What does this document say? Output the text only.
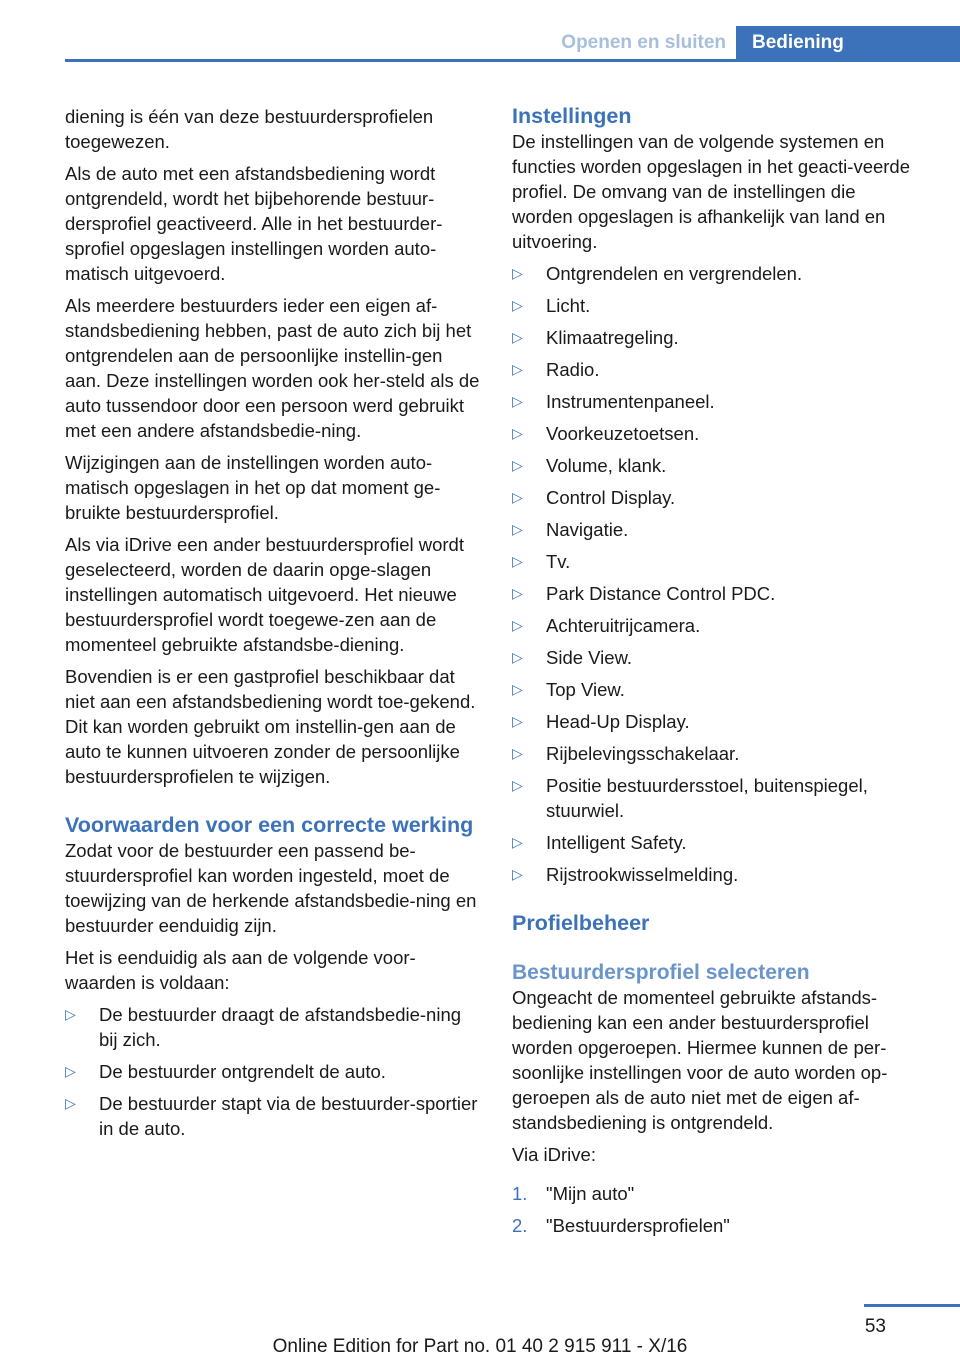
Openen en sluiten	Bediening

diening is één van deze bestuurdersprofielen toegewezen.

Als de auto met een afstandsbediening wordt ontgrendeld, wordt het bijbehorende bestuur‐dersprofiel geactiveerd. Alle in het bestuurder‐sprofiel opgeslagen instellingen worden auto‐matisch uitgevoerd.

Als meerdere bestuurders ieder een eigen af‐standsbediening hebben, past de auto zich bij het ontgrendelen aan de persoonlijke instellin‐gen aan. Deze instellingen worden ook her‐steld als de auto tussendoor door een persoon werd gebruikt met een andere afstandsbedie‐ning.

Wijzigingen aan de instellingen worden auto‐matisch opgeslagen in het op dat moment ge‐bruikte bestuurdersprofiel.

Als via iDrive een ander bestuurdersprofiel wordt geselecteerd, worden de daarin opge‐slagen instellingen automatisch uitgevoerd. Het nieuwe bestuurdersprofiel wordt toegewe‐zen aan de momenteel gebruikte afstandsbe‐diening.

Bovendien is er een gastprofiel beschikbaar dat niet aan een afstandsbediening wordt toe‐gekend. Dit kan worden gebruikt om instellin‐gen aan de auto te kunnen uitvoeren zonder de persoonlijke bestuurdersprofielen te wijzigen.

Voorwaarden voor een correcte werking

Zodat voor de bestuurder een passend be‐stuurdersprofiel kan worden ingesteld, moet de toewijzing van de herkende afstandsbedie‐ning en bestuurder eenduidig zijn.

Het is eenduidig als aan de volgende voor‐waarden is voldaan:

▷ De bestuurder draagt de afstandsbedie‐ning bij zich.
▷ De bestuurder ontgrendelt de auto.
▷ De bestuurder stapt via de bestuurder‐sportier in de auto.
Instellingen

De instellingen van de volgende systemen en functies worden opgeslagen in het geacti‐veerde profiel. De omvang van de instellingen die worden opgeslagen is afhankelijk van land en uitvoering.

▷ Ontgrendelen en vergrendelen.
▷ Licht.
▷ Klimaatregeling.
▷ Radio.
▷ Instrumentenpaneel.
▷ Voorkeuzetoetsen.
▷ Volume, klank.
▷ Control Display.
▷ Navigatie.
▷ Tv.
▷ Park Distance Control PDC.
▷ Achteruitrijcamera.
▷ Side View.
▷ Top View.
▷ Head-Up Display.
▷ Rijbelevingsschakelaar.
▷ Positie bestuurdersstoel, buitenspiegel, stuurwiel.
▷ Intelligent Safety.
▷ Rijstrookwisselmelding.
Profielbeheer
Bestuurdersprofiel selecteren

Ongeacht de momenteel gebruikte afstands‐bediening kan een ander bestuurdersprofiel worden opgeroepen. Hiermee kunnen de per‐soonlijke instellingen voor de auto worden op‐geroepen als de auto niet met de eigen af‐standsbediening is ontgrendeld.

Via iDrive:

1. "Mijn auto"
2. "Bestuurdersprofielen"
53
Online Edition for Part no. 01 40 2 915 911 - X/16
